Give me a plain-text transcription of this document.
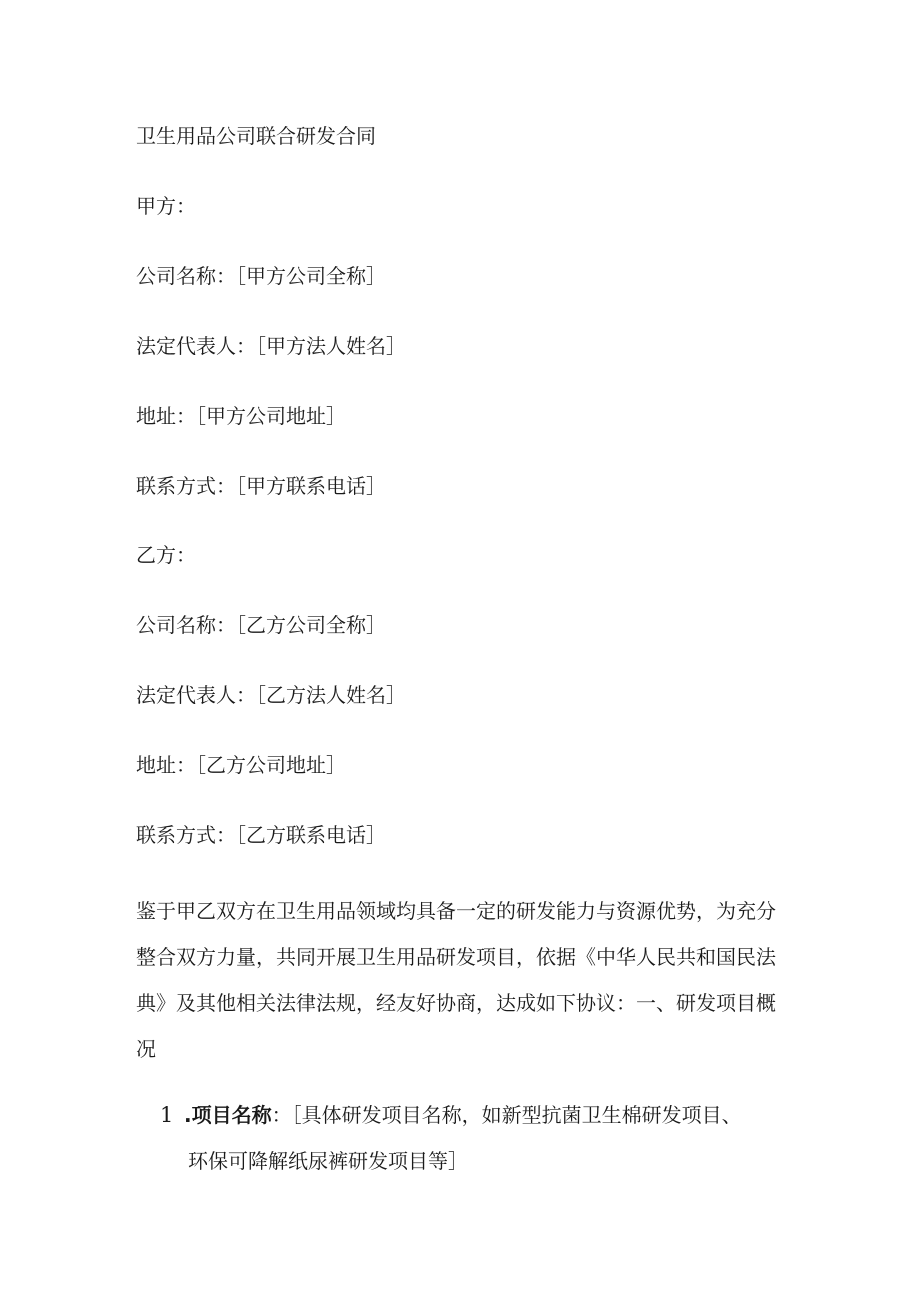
卫生用品公司联合研发合同
甲方：
公司名称：［甲方公司全称］
法定代表人：［甲方法人姓名］
地址：［甲方公司地址］
联系方式：［甲方联系电话］
乙方：
公司名称：［乙方公司全称］
法定代表人：［乙方法人姓名］
地址：［乙方公司地址］
联系方式：［乙方联系电话］
鉴于甲乙双方在卫生用品领域均具备一定的研发能力与资源优势，为充分
整合双方力量，共同开展卫生用品研发项目，依据《中华人民共和国民法
典》及其他相关法律法规，经友好协商，达成如下协议：一、研发项目概
况
1 .项目名称：［具体研发项目名称，如新型抗菌卫生棉研发项目、
环保可降解纸尿裤研发项目等］
